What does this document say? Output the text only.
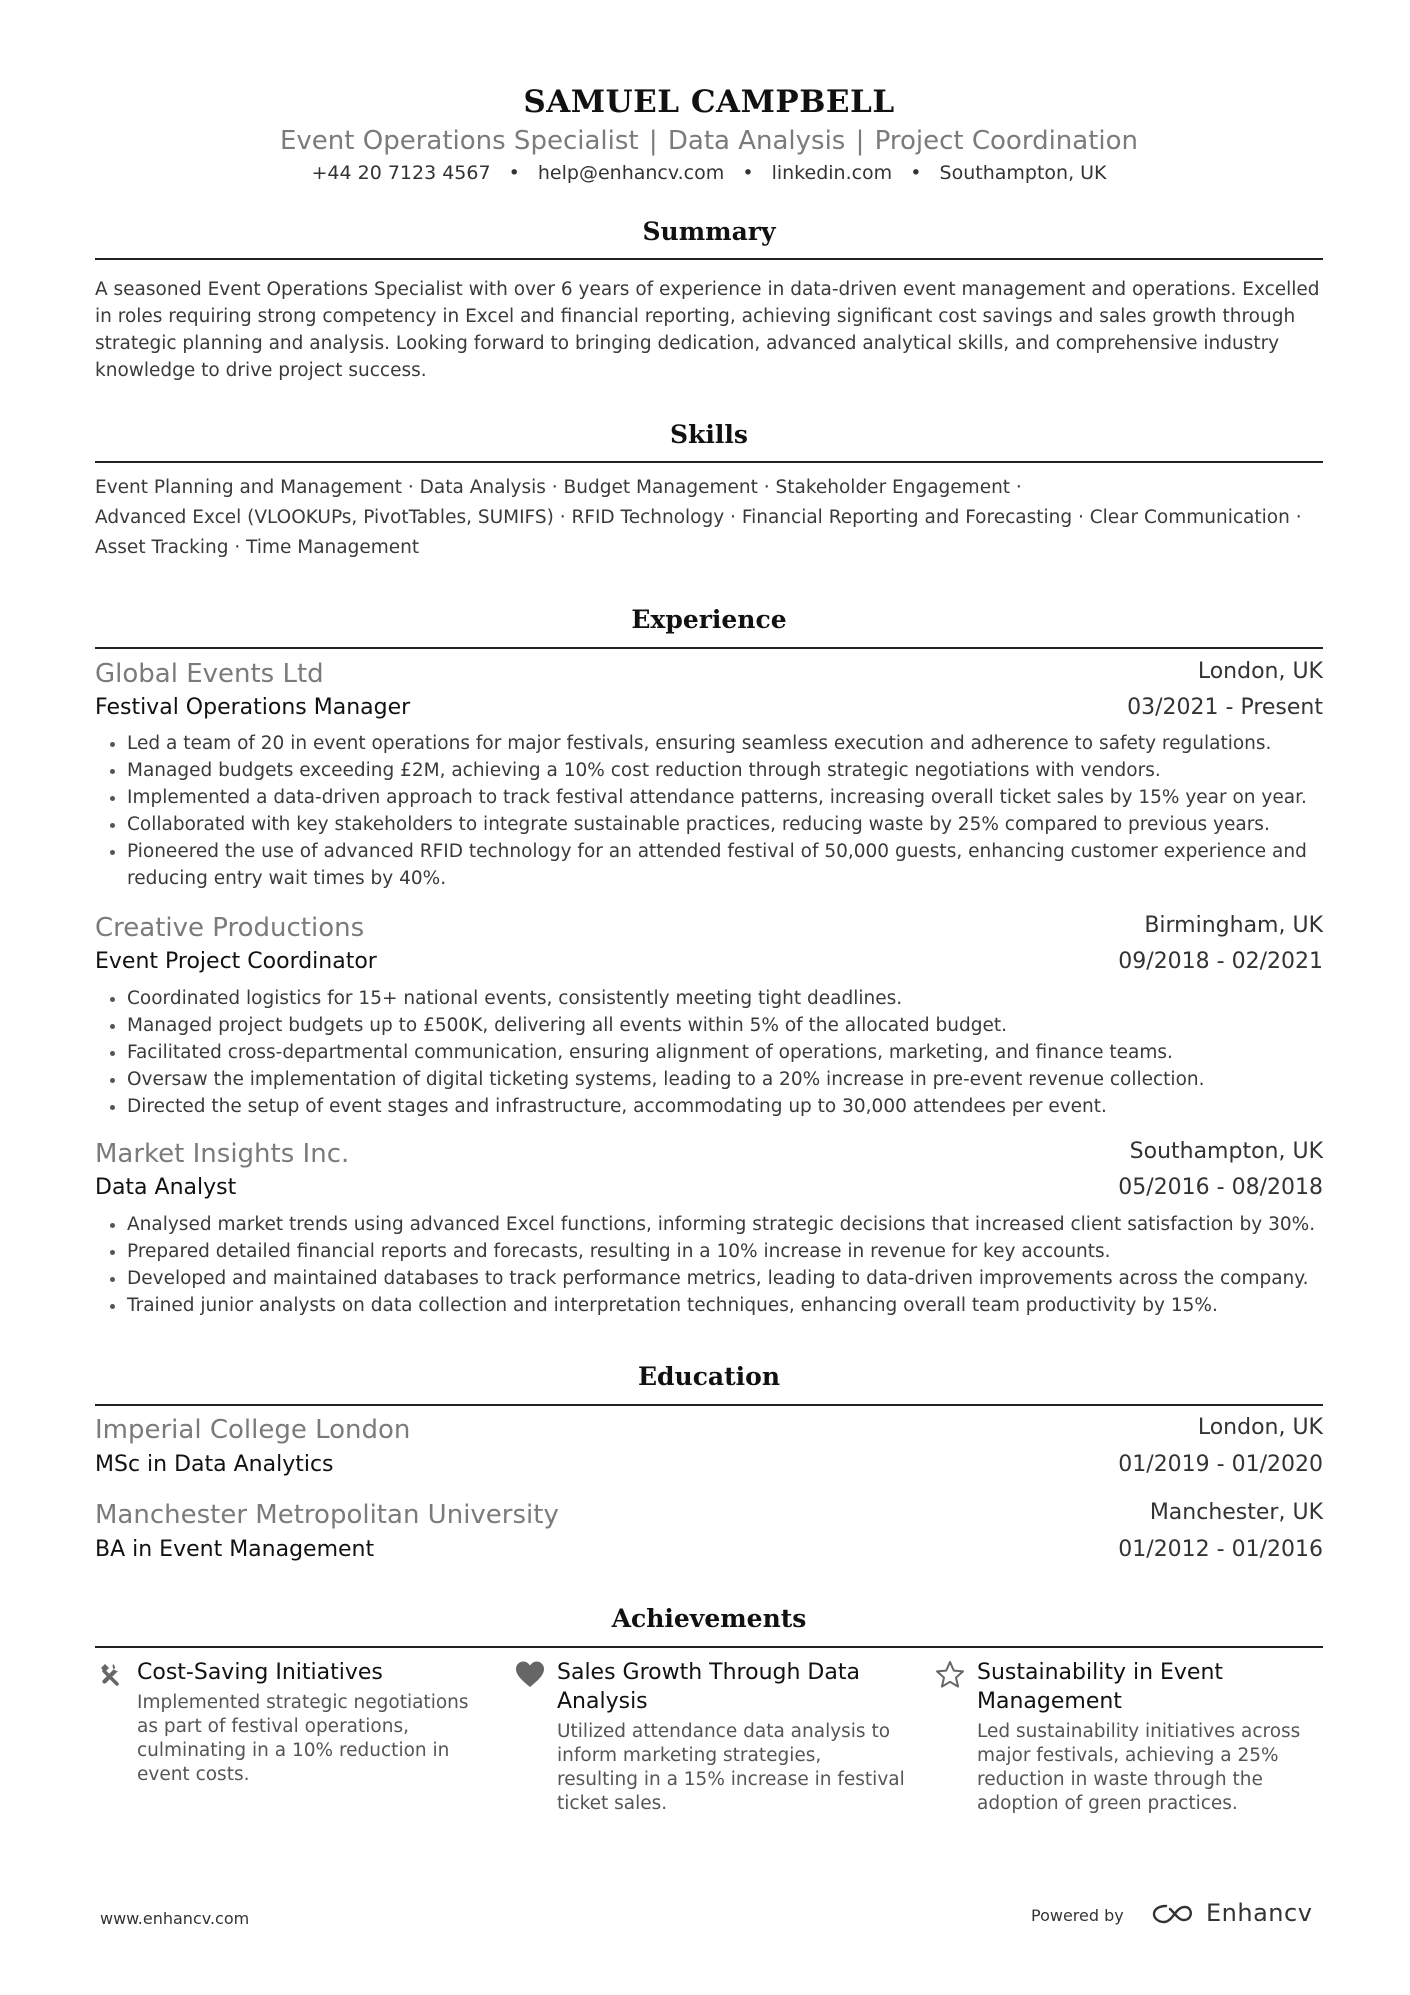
SAMUEL CAMPBELL
Event Operations Specialist | Data Analysis | Project Coordination
+44 20 7123 4567 • help@enhancv.com • linkedin.com • Southampton, UK
Summary

A seasoned Event Operations Specialist with over 6 years of experience in data-driven event management and operations. Excelled in roles requiring strong competency in Excel and financial reporting, achieving significant cost savings and sales growth through strategic planning and analysis. Looking forward to bringing dedication, advanced analytical skills, and comprehensive industry knowledge to drive project success.

Skills
Event Planning and Management · Data Analysis · Budget Management · Stakeholder Engagement ·
Advanced Excel (VLOOKUPs, PivotTables, SUMIFS) · RFID Technology · Financial Reporting and Forecasting · Clear Communication ·
Asset Tracking · Time Management
Experience
Global Events Ltd	London, UK
Festival Operations Manager	03/2021 - Present
• Led a team of 20 in event operations for major festivals, ensuring seamless execution and adherence to safety regulations.
• Managed budgets exceeding £2M, achieving a 10% cost reduction through strategic negotiations with vendors.
• Implemented a data-driven approach to track festival attendance patterns, increasing overall ticket sales by 15% year on year.
• Collaborated with key stakeholders to integrate sustainable practices, reducing waste by 25% compared to previous years.
• Pioneered the use of advanced RFID technology for an attended festival of 50,000 guests, enhancing customer experience and reducing entry wait times by 40%.
Creative Productions	Birmingham, UK
Event Project Coordinator	09/2018 - 02/2021
• Coordinated logistics for 15+ national events, consistently meeting tight deadlines.
• Managed project budgets up to £500K, delivering all events within 5% of the allocated budget.
• Facilitated cross-departmental communication, ensuring alignment of operations, marketing, and finance teams.
• Oversaw the implementation of digital ticketing systems, leading to a 20% increase in pre-event revenue collection.
• Directed the setup of event stages and infrastructure, accommodating up to 30,000 attendees per event.
Market Insights Inc.	Southampton, UK
Data Analyst	05/2016 - 08/2018
• Analysed market trends using advanced Excel functions, informing strategic decisions that increased client satisfaction by 30%.
• Prepared detailed financial reports and forecasts, resulting in a 10% increase in revenue for key accounts.
• Developed and maintained databases to track performance metrics, leading to data-driven improvements across the company.
• Trained junior analysts on data collection and interpretation techniques, enhancing overall team productivity by 15%.
Education
Imperial College London	London, UK
MSc in Data Analytics	01/2019 - 01/2020
Manchester Metropolitan University	Manchester, UK
BA in Event Management	01/2012 - 01/2016
Achievements
Cost-Saving Initiatives
Implemented strategic negotiations as part of festival operations, culminating in a 10% reduction in event costs.
Sales Growth Through Data Analysis
Utilized attendance data analysis to inform marketing strategies, resulting in a 15% increase in festival ticket sales.
Sustainability in Event Management
Led sustainability initiatives across major festivals, achieving a 25% reduction in waste through the adoption of green practices.
www.enhancv.com	Powered by	Enhancv
